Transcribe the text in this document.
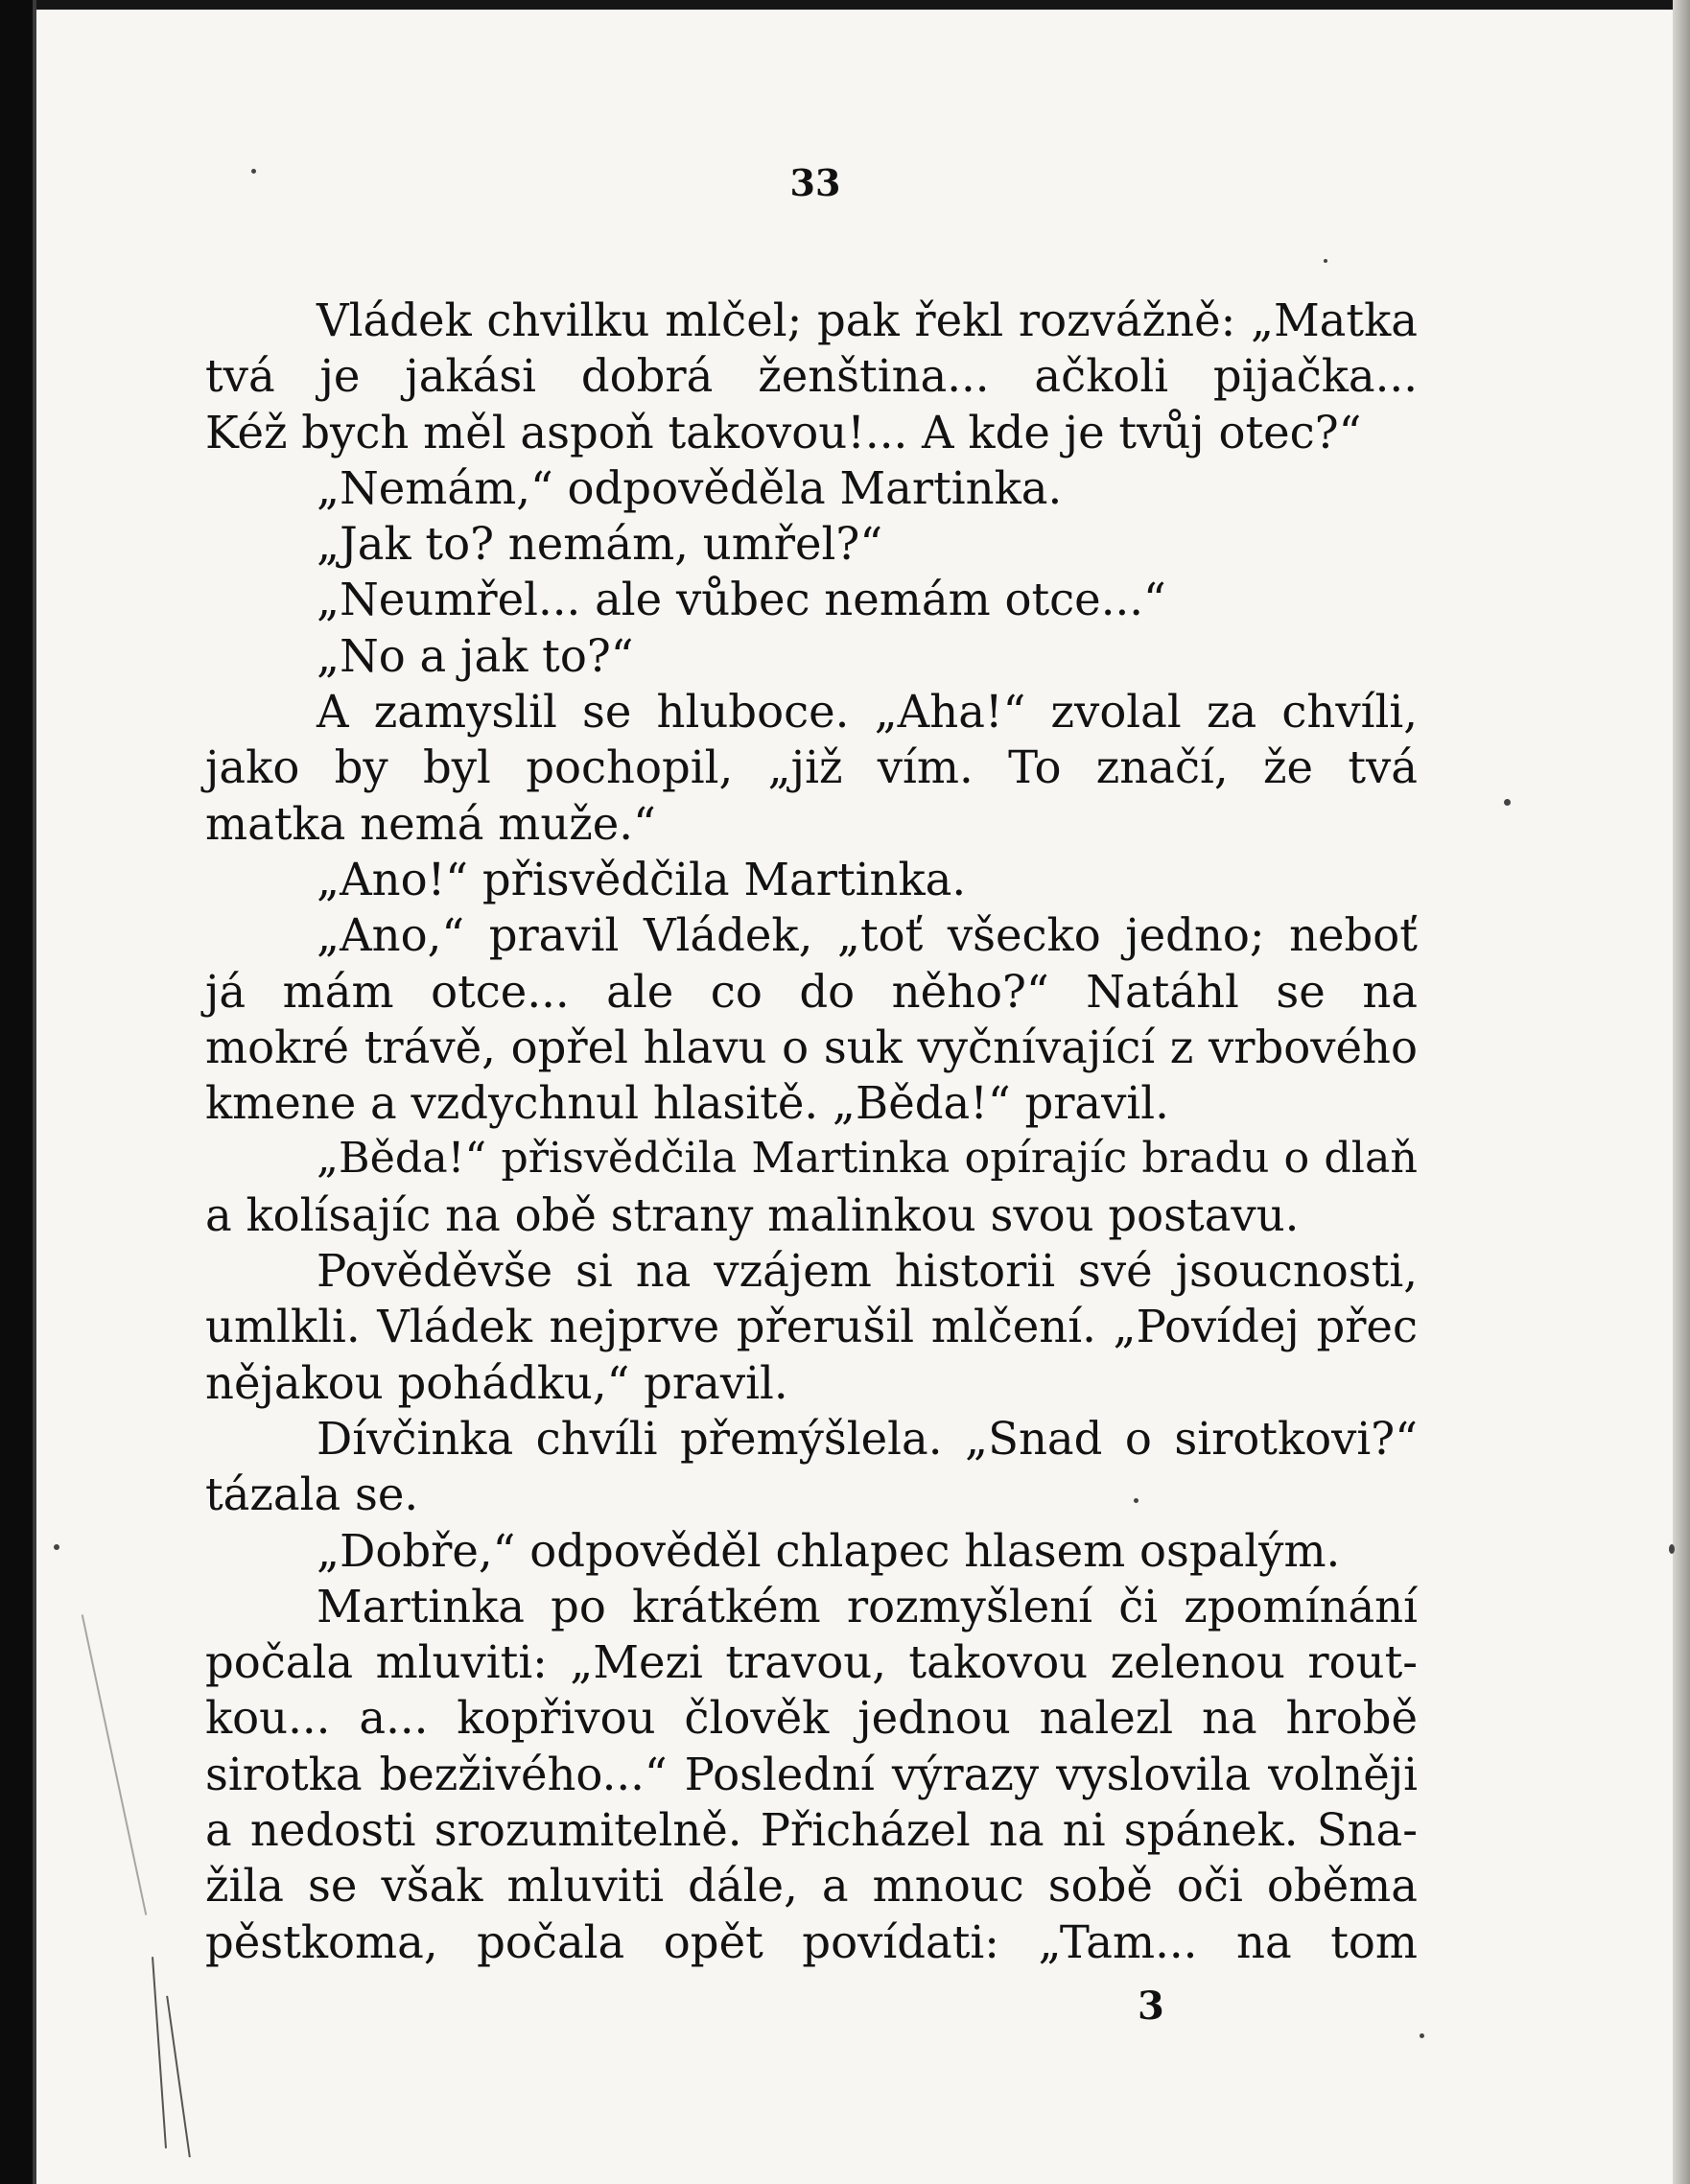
33
Vládek chvilku mlčel; pak řekl rozvážně: „Matka
tvá je jakási dobrá ženština... ačkoli pijačka...
Kéž bych měl aspoň takovou!... A kde je tvůj otec?“
„Nemám,“ odpověděla Martinka.
„Jak to? nemám, umřel?“
„Neumřel... ale vůbec nemám otce...“
„No a jak to?“
A zamyslil se hluboce. „Aha!“ zvolal za chvíli,
jako by byl pochopil, „již vím. To značí, že tvá
matka nemá muže.“
„Ano!“ přisvědčila Martinka.
„Ano,“ pravil Vládek, „toť všecko jedno; neboť
já mám otce... ale co do něho?“ Natáhl se na
mokré trávě, opřel hlavu o suk vyčnívající z vrbového
kmene a vzdychnul hlasitě. „Běda!“ pravil.
„Běda!“ přisvědčila Martinka opírajíc bradu o dlaň
a kolísajíc na obě strany malinkou svou postavu.
Pověděvše si na vzájem historii své jsoucnosti,
umlkli. Vládek nejprve přerušil mlčení. „Povídej přec
nějakou pohádku,“ pravil.
Dívčinka chvíli přemýšlela. „Snad o sirotkovi?“
tázala se.
„Dobře,“ odpověděl chlapec hlasem ospalým.
Martinka po krátkém rozmyšlení či zpomínání
počala mluviti: „Mezi travou, takovou zelenou rout-
kou... a... kopřivou člověk jednou nalezl na hrobě
sirotka bezživého...“ Poslední výrazy vyslovila volněji
a nedosti srozumitelně. Přicházel na ni spánek. Sna-
žila se však mluviti dále, a mnouc sobě oči oběma
pěstkoma, počala opět povídati: „Tam... na tom
3
